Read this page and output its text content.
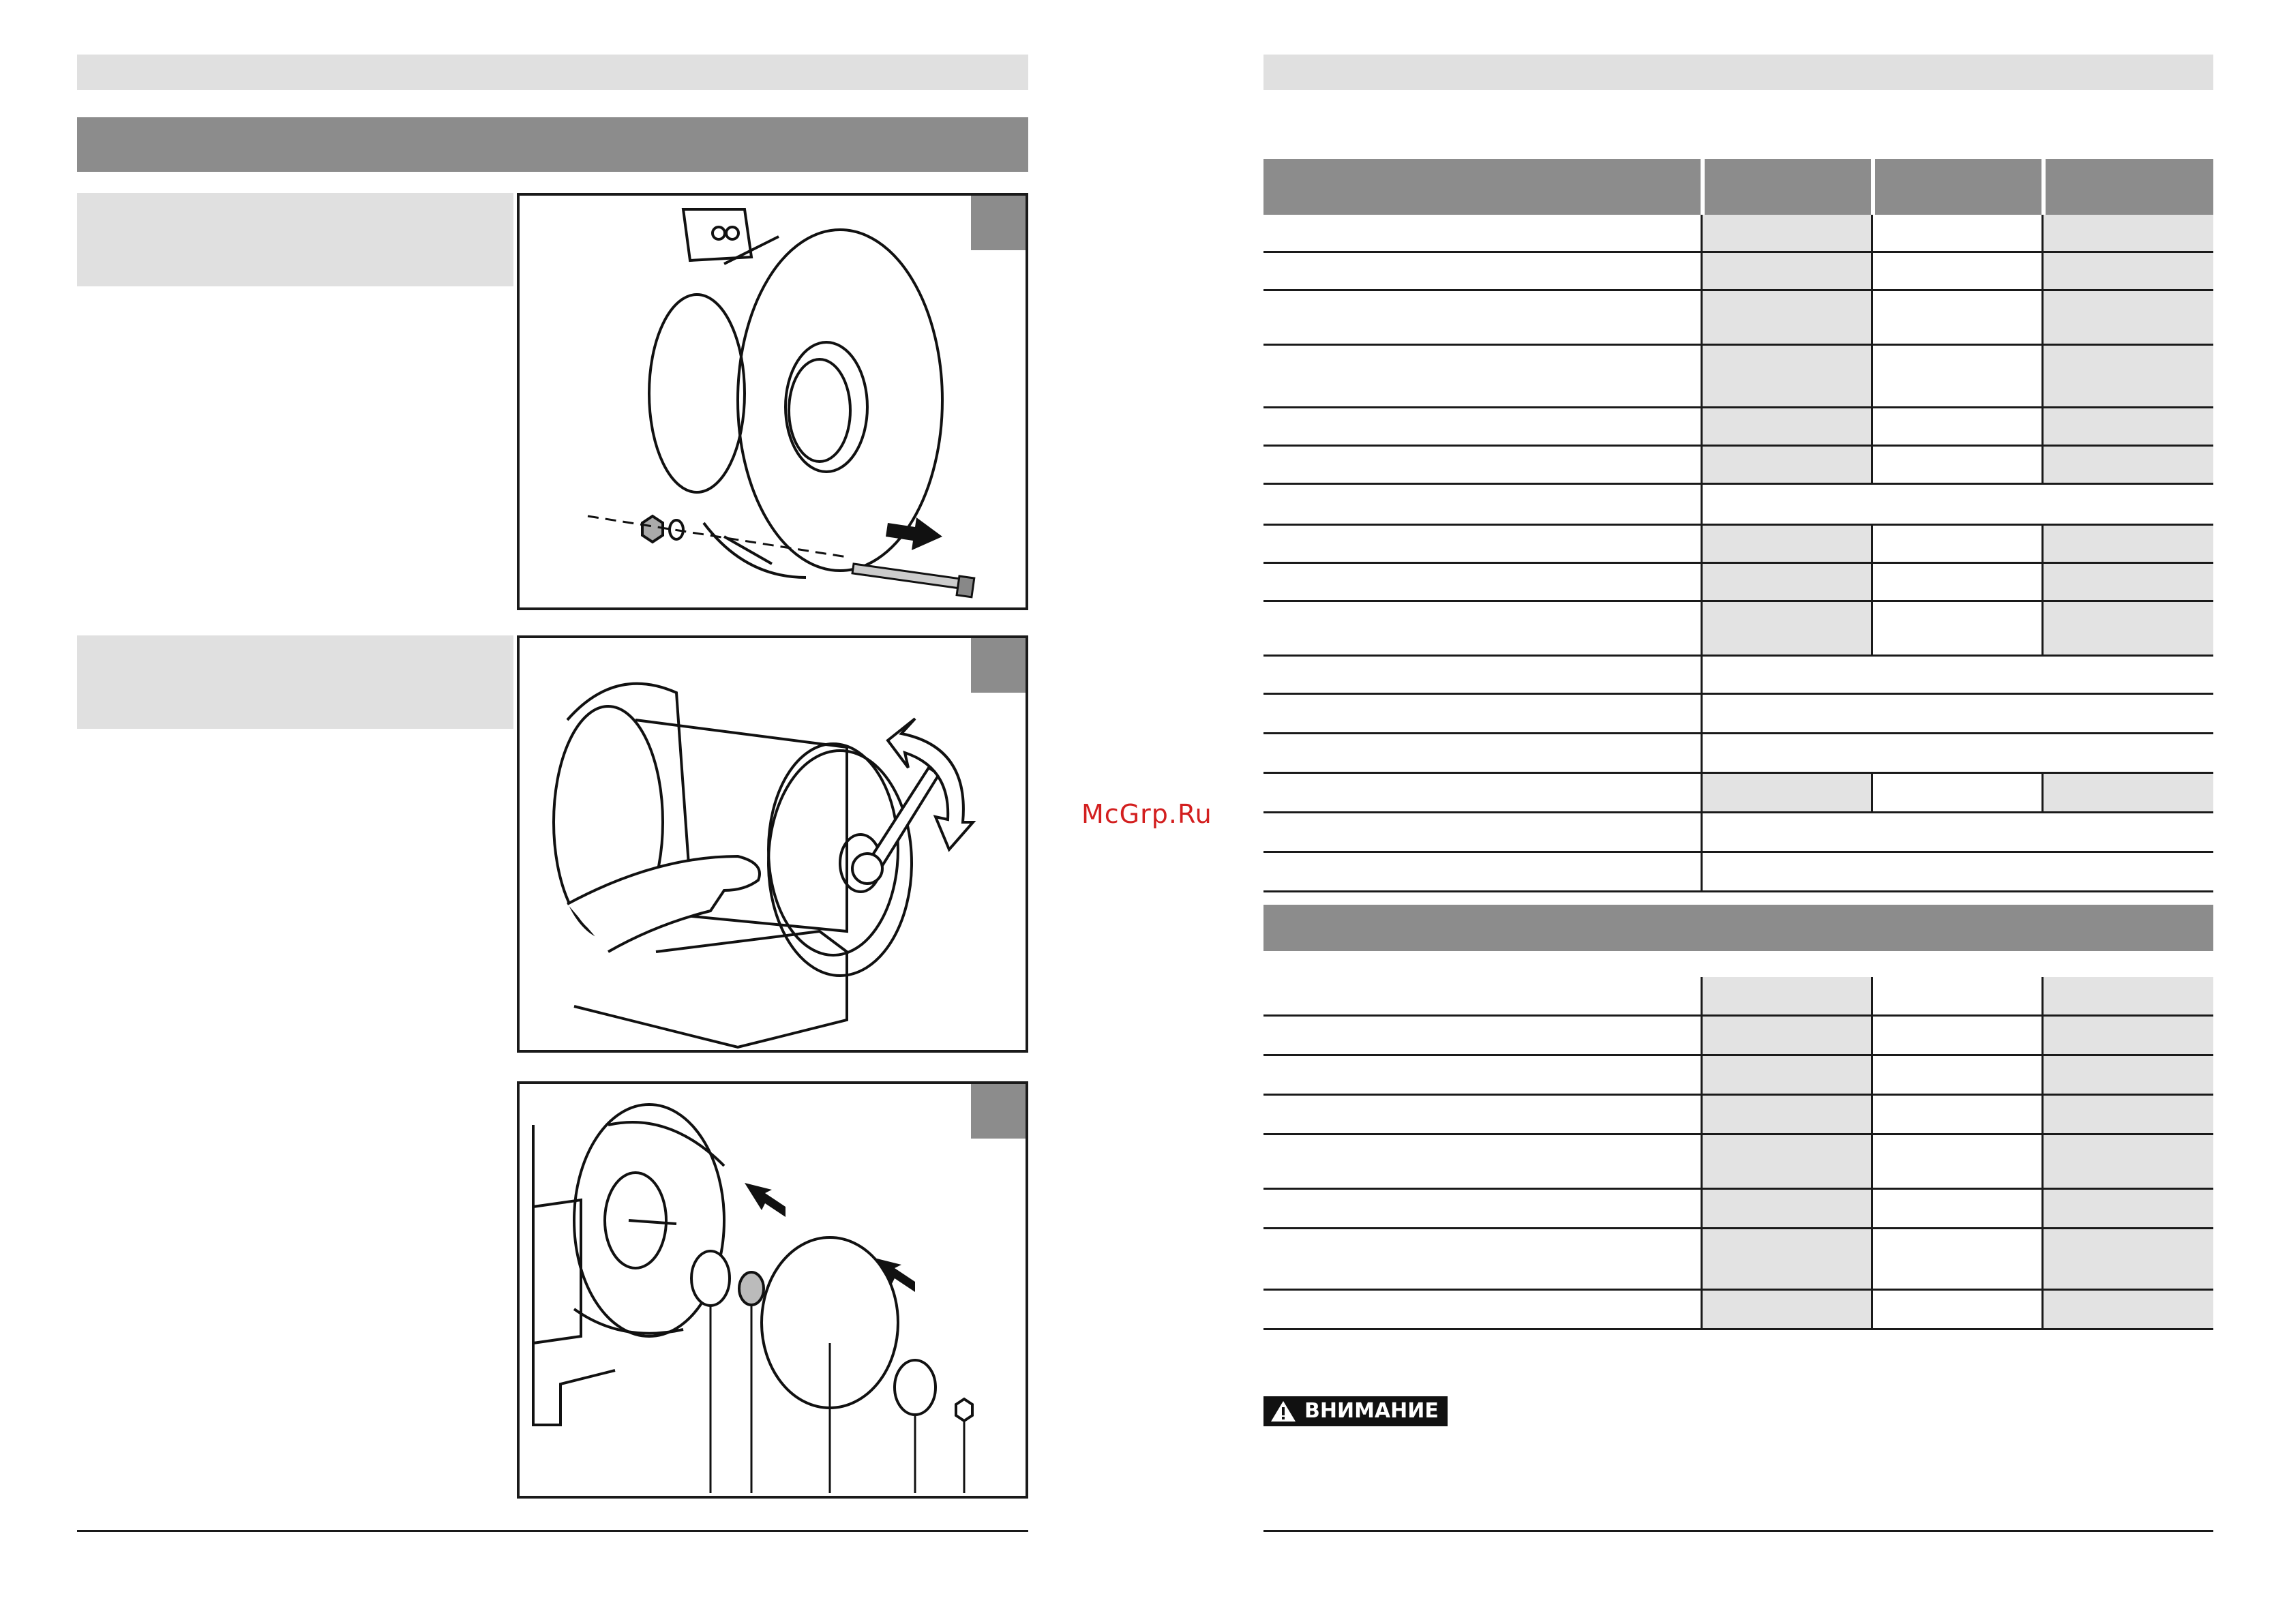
McGrp.Ru
ВНИМАНИЕ
